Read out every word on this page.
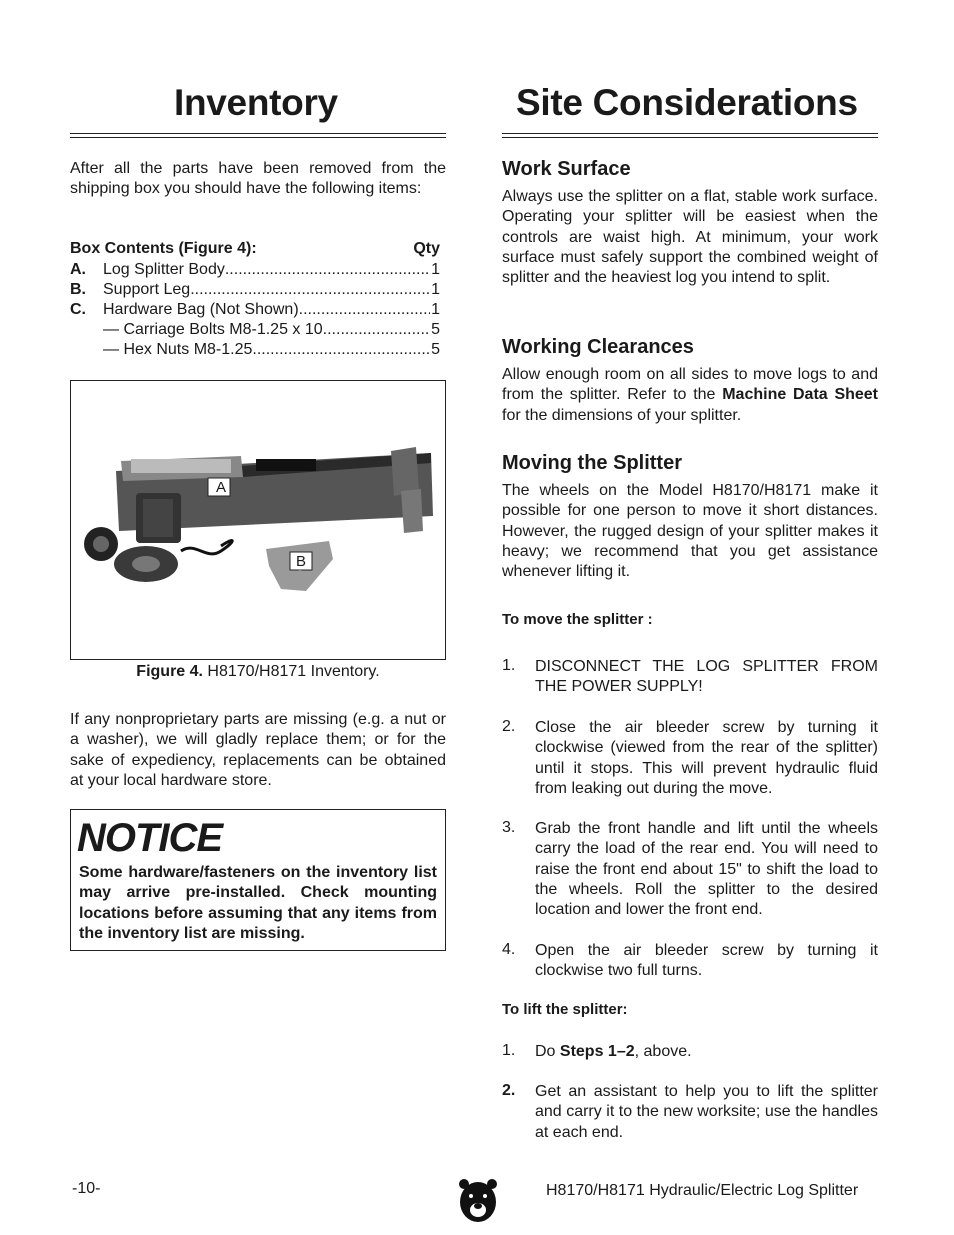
Inventory

After all the parts have been removed from the shipping box you should have the following items:

Box Contents (Figure 4):	Qty
A.	Log Splitter Body .....	1
B.	Support Leg .....	1
C.	Hardware Bag (Not Shown) .....	1
— Carriage Bolts M8-1.25 x 10 .....	5
— Hex Nuts M8-1.25 .....	5
A
B
Figure 4. H8170/H8171 Inventory.

If any nonproprietary parts are missing (e.g. a nut or a washer), we will gladly replace them; or for the sake of expediency, replacements can be obtained at your local hardware store.

NOTICE
Some hardware/fasteners on the inventory list may arrive pre-installed. Check mounting locations before assuming that any items from the inventory list are missing.
Site Considerations
Work Surface

Always use the splitter on a flat, stable work surface. Operating your splitter will be easiest when the controls are waist high. At minimum, your work surface must safely support the combined weight of splitter and the heaviest log you intend to split.

Working Clearances

Allow enough room on all sides to move logs to and from the splitter. Refer to the Machine Data Sheet for the dimensions of your splitter.

Moving the Splitter

The wheels on the Model H8170/H8171 make it possible for one person to move it short distances. However, the rugged design of your splitter makes it heavy; we recommend that you get assistance whenever lifting it.

To move the splitter :
1. DISCONNECT THE LOG SPLITTER FROM THE POWER SUPPLY!
2. Close the air bleeder screw by turning it clockwise (viewed from the rear of the splitter) until it stops. This will prevent hydraulic fluid from leaking out during the move.
3. Grab the front handle and lift until the wheels carry the load of the rear end. You will need to raise the front end about 15" to shift the load to the wheels. Roll the splitter to the desired location and lower the front end.
4. Open the air bleeder screw by turning it clockwise two full turns.
To lift the splitter:
1. Do Steps 1–2, above.
2. Get an assistant to help you to lift the splitter and carry it to the new worksite; use the handles at each end.
-10-	H8170/H8171 Hydraulic/Electric Log Splitter
